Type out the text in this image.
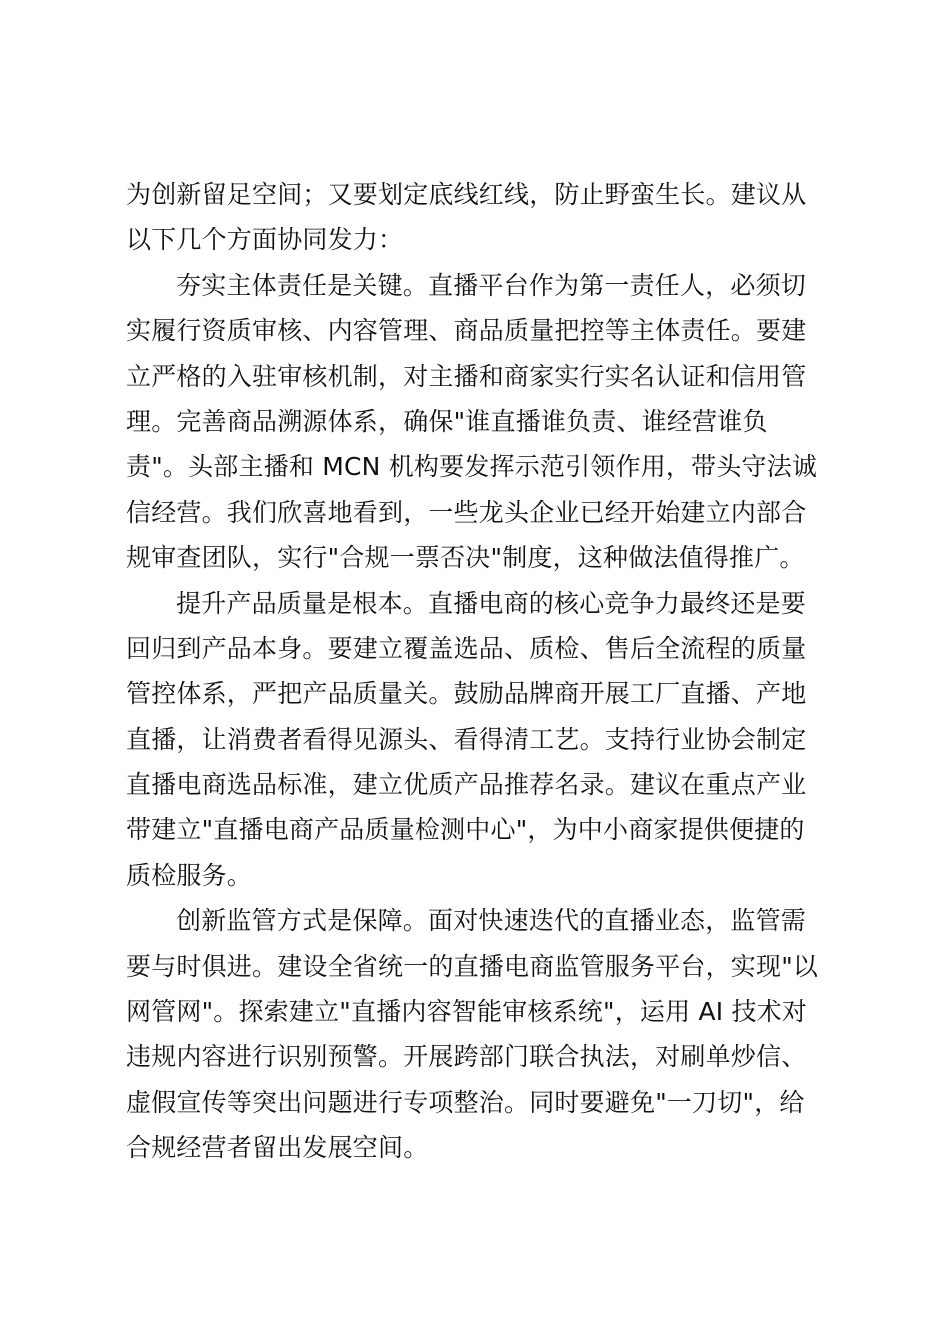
为创新留足空间；又要划定底线红线，防止野蛮生长。建议从
以下几个方面协同发力：
夯实主体责任是关键。直播平台作为第一责任人，必须切
实履行资质审核、内容管理、商品质量把控等主体责任。要建
立严格的入驻审核机制，对主播和商家实行实名认证和信用管
理。完善商品溯源体系，确保"谁直播谁负责、谁经营谁负
责"。头部主播和 MCN 机构要发挥示范引领作用，带头守法诚
信经营。我们欣喜地看到，一些龙头企业已经开始建立内部合
规审查团队，实行"合规一票否决"制度，这种做法值得推广。
提升产品质量是根本。直播电商的核心竞争力最终还是要
回归到产品本身。要建立覆盖选品、质检、售后全流程的质量
管控体系，严把产品质量关。鼓励品牌商开展工厂直播、产地
直播，让消费者看得见源头、看得清工艺。支持行业协会制定
直播电商选品标准，建立优质产品推荐名录。建议在重点产业
带建立"直播电商产品质量检测中心"，为中小商家提供便捷的
质检服务。
创新监管方式是保障。面对快速迭代的直播业态，监管需
要与时俱进。建设全省统一的直播电商监管服务平台，实现"以
网管网"。探索建立"直播内容智能审核系统"，运用 AI 技术对
违规内容进行识别预警。开展跨部门联合执法，对刷单炒信、
虚假宣传等突出问题进行专项整治。同时要避免"一刀切"，给
合规经营者留出发展空间。
